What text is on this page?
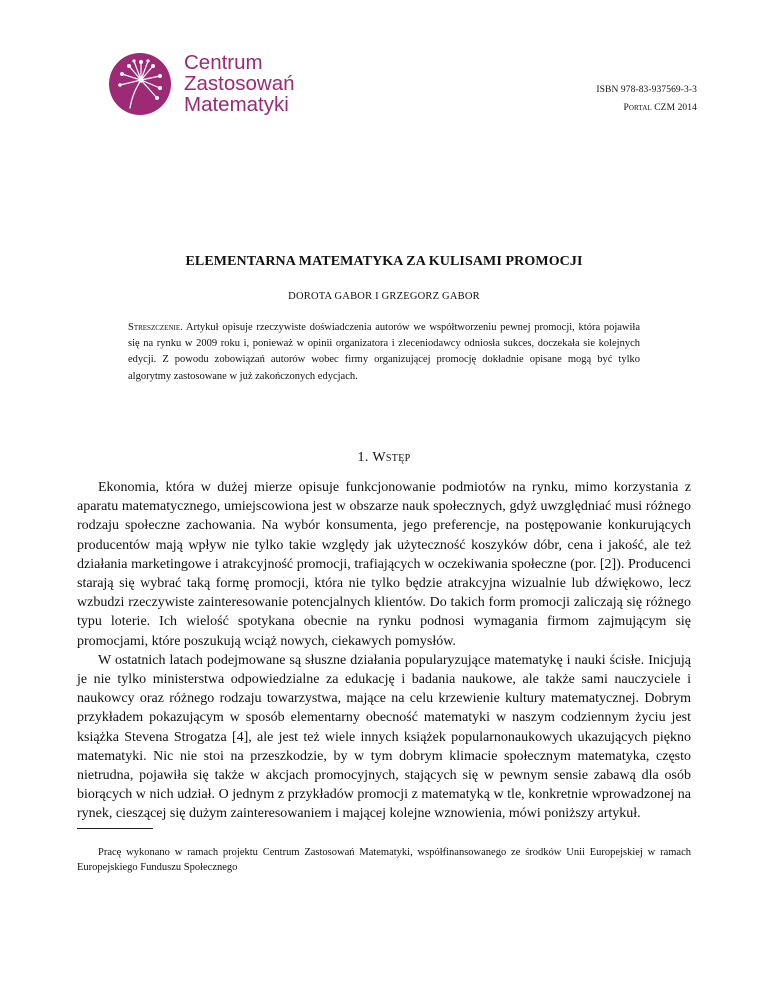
Centrum
Zastosowań
Matematyki
ISBN 978-83-937569-3-3
Portal CZM 2014
ELEMENTARNA MATEMATYKA ZA KULISAMI PROMOCJI
DOROTA GABOR I GRZEGORZ GABOR
Streszczenie. Artykuł opisuje rzeczywiste doświadczenia autorów we współtworzeniu pewnej promocji, która pojawiła się na rynku w 2009 roku i, ponieważ w opinii organizatora i zleceniodawcy odniosła sukces, doczekała sie kolejnych edycji. Z powodu zobowiązań autorów wobec firmy organizującej promocję dokładnie opisane mogą być tylko algorytmy zastosowane w już zakończonych edycjach.
1. Wstęp

Ekonomia, która w dużej mierze opisuje funkcjonowanie podmiotów na rynku, mimo korzystania z aparatu matematycznego, umiejscowiona jest w obszarze nauk społecznych, gdyż uwzględniać musi różnego rodzaju społeczne zachowania. Na wybór konsumenta, jego preferencje, na postępowanie konkurujących producentów mają wpływ nie tylko takie względy jak użyteczność koszyków dóbr, cena i jakość, ale też działania marketingowe i atrakcyjność promocji, trafiających w oczekiwania społeczne (por. [2]). Producenci starają się wybrać taką formę promocji, która nie tylko będzie atrakcyjna wizualnie lub dźwiękowo, lecz wzbudzi rzeczywiste zainteresowanie potencjalnych klientów. Do takich form promocji zaliczają się różnego typu loterie. Ich wielość spotykana obecnie na rynku podnosi wymagania firmom zajmującym się promocjami, które poszukują wciąż nowych, ciekawych pomysłów.

W ostatnich latach podejmowane są słuszne działania popularyzujące matematykę i nauki ścisłe. Inicjują je nie tylko ministerstwa odpowiedzialne za edukację i badania naukowe, ale także sami nauczyciele i naukowcy oraz różnego rodzaju towarzystwa, mające na celu krzewienie kultury matematycznej. Dobrym przykładem pokazującym w sposób elementarny obecność matematyki w naszym codziennym życiu jest książka Stevena Strogatza [4], ale jest też wiele innych książek popularnonaukowych ukazujących piękno matematyki. Nic nie stoi na przeszkodzie, by w tym dobrym klimacie społecznym matematyka, często nietrudna, pojawiła się także w akcjach promocyjnych, stających się w pewnym sensie zabawą dla osób biorących w nich udział. O jednym z przykładów promocji z matematyką w tle, konkretnie wprowadzonej na rynek, cieszącej się dużym zainteresowaniem i mającej kolejne wznowienia, mówi poniższy artykuł.

Pracę wykonano w ramach projektu Centrum Zastosowań Matematyki, współfinansowanego ze środków Unii Europejskiej w ramach Europejskiego Funduszu Społecznego
